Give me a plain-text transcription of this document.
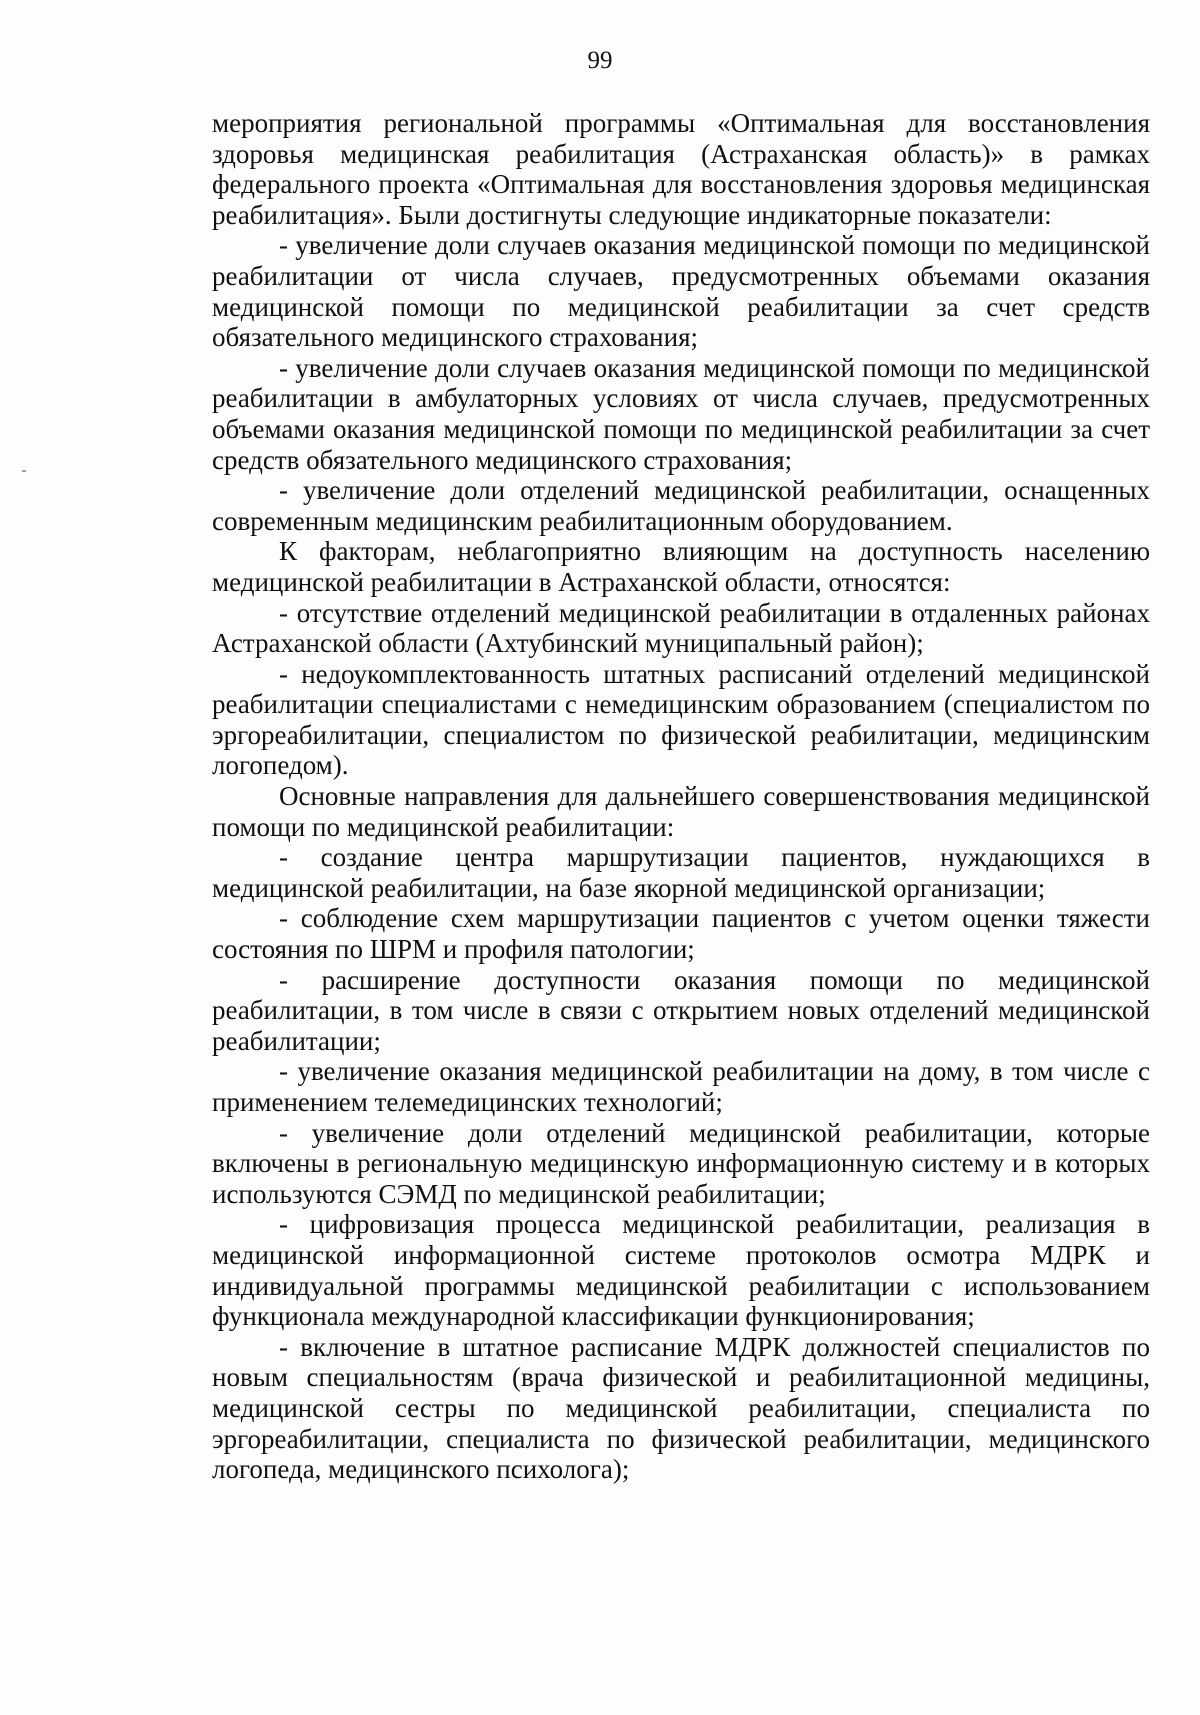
99

мероприятия региональной программы «Оптимальная для восстановления здоровья медицинская реабилитация (Астраханская область)» в рамках федерального проекта «Оптимальная для восстановления здоровья медицинская реабилитация». Были достигнуты следующие индикаторные показатели:

- увеличение доли случаев оказания медицинской помощи по медицинской реабилитации от числа случаев, предусмотренных объемами оказания медицинской помощи по медицинской реабилитации за счет средств обязательного медицинского страхования;

- увеличение доли случаев оказания медицинской помощи по медицинской реабилитации в амбулаторных условиях от числа случаев, предусмотренных объемами оказания медицинской помощи по медицинской реабилитации за счет средств обязательного медицинского страхования;

- увеличение доли отделений медицинской реабилитации, оснащенных современным медицинским реабилитационным оборудованием.

К факторам, неблагоприятно влияющим на доступность населению медицинской реабилитации в Астраханской области, относятся:

- отсутствие отделений медицинской реабилитации в отдаленных районах Астраханской области (Ахтубинский муниципальный район);

- недоукомплектованность штатных расписаний отделений медицинской реабилитации специалистами с немедицинским образованием (специалистом по эргореабилитации, специалистом по физической реабилитации, медицинским логопедом).

Основные направления для дальнейшего совершенствования медицинской помощи по медицинской реабилитации:

- создание центра маршрутизации пациентов, нуждающихся в медицинской реабилитации, на базе якорной медицинской организации;

- соблюдение схем маршрутизации пациентов с учетом оценки тяжести состояния по ШРМ и профиля патологии;

- расширение доступности оказания помощи по медицинской реабилитации, в том числе в связи с открытием новых отделений медицинской реабилитации;

- увеличение оказания медицинской реабилитации на дому, в том числе с применением телемедицинских технологий;

- увеличение доли отделений медицинской реабилитации, которые включены в региональную медицинскую информационную систему и в которых используются СЭМД по медицинской реабилитации;

- цифровизация процесса медицинской реабилитации, реализация в медицинской информационной системе протоколов осмотра МДРК и индивидуальной программы медицинской реабилитации с использованием функционала международной классификации функционирования;

- включение в штатное расписание МДРК должностей специалистов по новым специальностям (врача физической и реабилитационной медицины, медицинской сестры по медицинской реабилитации, специалиста по эргореабилитации, специалиста по физической реабилитации, медицинского логопеда, медицинского психолога);
